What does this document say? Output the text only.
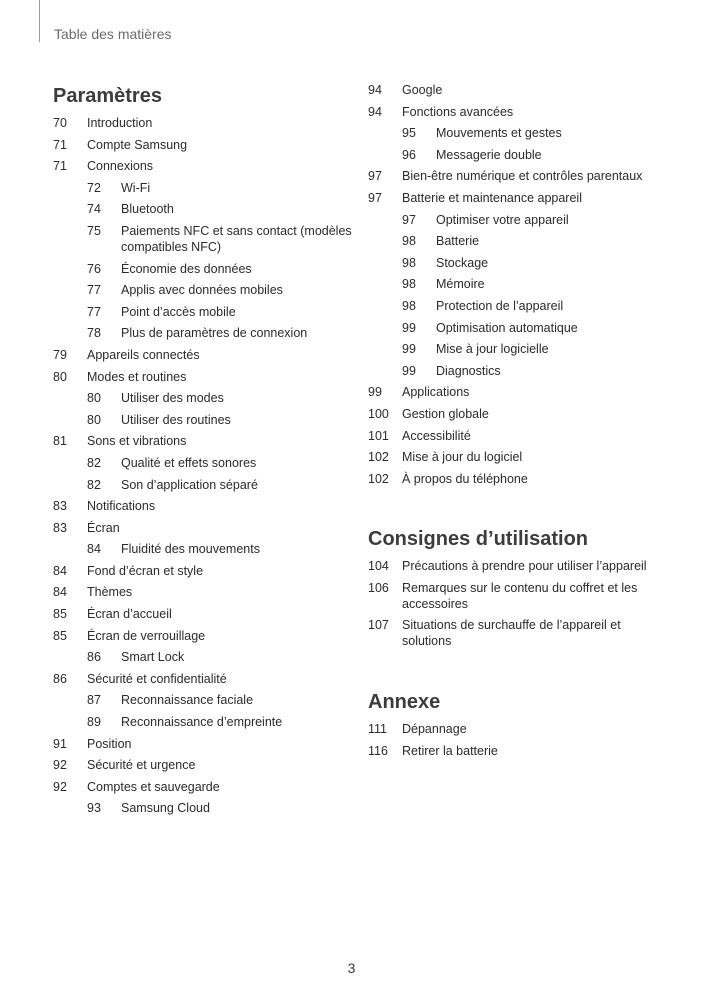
Table des matières
Paramètres
70	Introduction
71	Compte Samsung
71	Connexions
72	Wi-Fi
74	Bluetooth
75	Paiements NFC et sans contact (modèles compatibles NFC)
76	Économie des données
77	Applis avec données mobiles
77	Point d’accès mobile
78	Plus de paramètres de connexion
79	Appareils connectés
80	Modes et routines
80	Utiliser des modes
80	Utiliser des routines
81	Sons et vibrations
82	Qualité et effets sonores
82	Son d’application séparé
83	Notifications
83	Écran
84	Fluidité des mouvements
84	Fond d’écran et style
84	Thèmes
85	Écran d’accueil
85	Écran de verrouillage
86	Smart Lock
86	Sécurité et confidentialité
87	Reconnaissance faciale
89	Reconnaissance d’empreinte
91	Position
92	Sécurité et urgence
92	Comptes et sauvegarde
93	Samsung Cloud
94	Google
94	Fonctions avancées
95	Mouvements et gestes
96	Messagerie double
97	Bien-être numérique et contrôles parentaux
97	Batterie et maintenance appareil
97	Optimiser votre appareil
98	Batterie
98	Stockage
98	Mémoire
98	Protection de l’appareil
99	Optimisation automatique
99	Mise à jour logicielle
99	Diagnostics
99	Applications
100	Gestion globale
101	Accessibilité
102	Mise à jour du logiciel
102	À propos du téléphone
Consignes d’utilisation
104	Précautions à prendre pour utiliser l’appareil
106	Remarques sur le contenu du coffret et les accessoires
107	Situations de surchauffe de l’appareil et solutions
Annexe
111	Dépannage
116	Retirer la batterie
3
